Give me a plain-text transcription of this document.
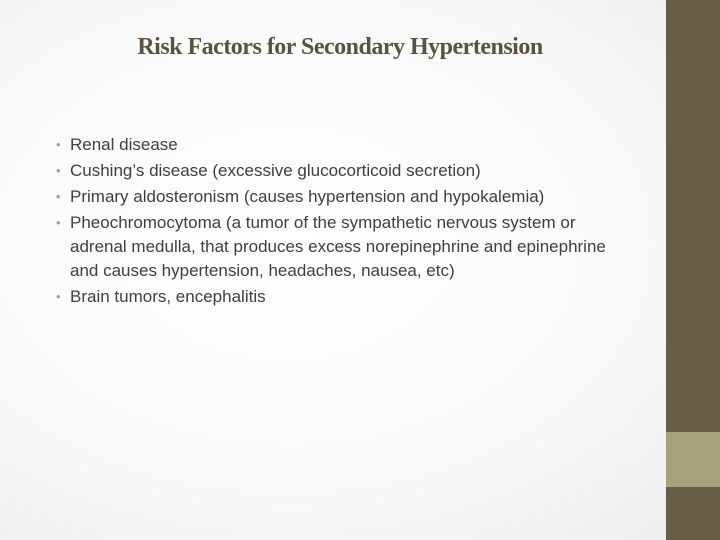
Risk Factors for Secondary Hypertension
• Renal disease
• Cushing’s disease (excessive glucocorticoid secretion)
• Primary aldosteronism (causes hypertension and hypokalemia)
• Pheochromocytoma (a tumor of the sympathetic nervous system or adrenal medulla, that produces excess norepinephrine and epinephrine and causes hypertension, headaches, nausea, etc)
• Brain tumors, encephalitis
